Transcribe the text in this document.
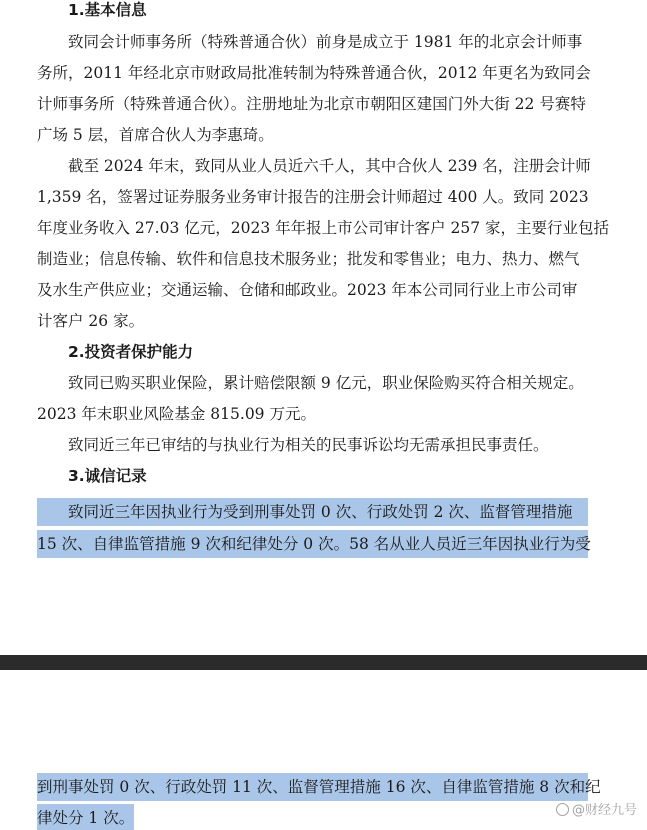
1.基本信息
致同会计师事务所（特殊普通合伙）前身是成立于 1981 年的北京会计师事
务所，2011 年经北京市财政局批准转制为特殊普通合伙，2012 年更名为致同会
计师事务所（特殊普通合伙）。注册地址为北京市朝阳区建国门外大街 22 号赛特
广场 5 层，首席合伙人为李惠琦。
截至 2024 年末，致同从业人员近六千人，其中合伙人 239 名，注册会计师
1,359 名，签署过证券服务业务审计报告的注册会计师超过 400 人。致同 2023
年度业务收入 27.03 亿元，2023 年年报上市公司审计客户 257 家，主要行业包括
制造业；信息传输、软件和信息技术服务业；批发和零售业；电力、热力、燃气
及水生产供应业；交通运输、仓储和邮政业。2023 年本公司同行业上市公司审
计客户 26 家。
2.投资者保护能力
致同已购买职业保险，累计赔偿限额 9 亿元，职业保险购买符合相关规定。
2023 年末职业风险基金 815.09 万元。
致同近三年已审结的与执业行为相关的民事诉讼均无需承担民事责任。
3.诚信记录
致同近三年因执业行为受到刑事处罚 0 次、行政处罚 2 次、监督管理措施
15 次、自律监管措施 9 次和纪律处分 0 次。58 名从业人员近三年因执业行为受
到刑事处罚 0 次、行政处罚 11 次、监督管理措施 16 次、自律监管措施 8 次和纪
律处分 1 次。	@财经九号
